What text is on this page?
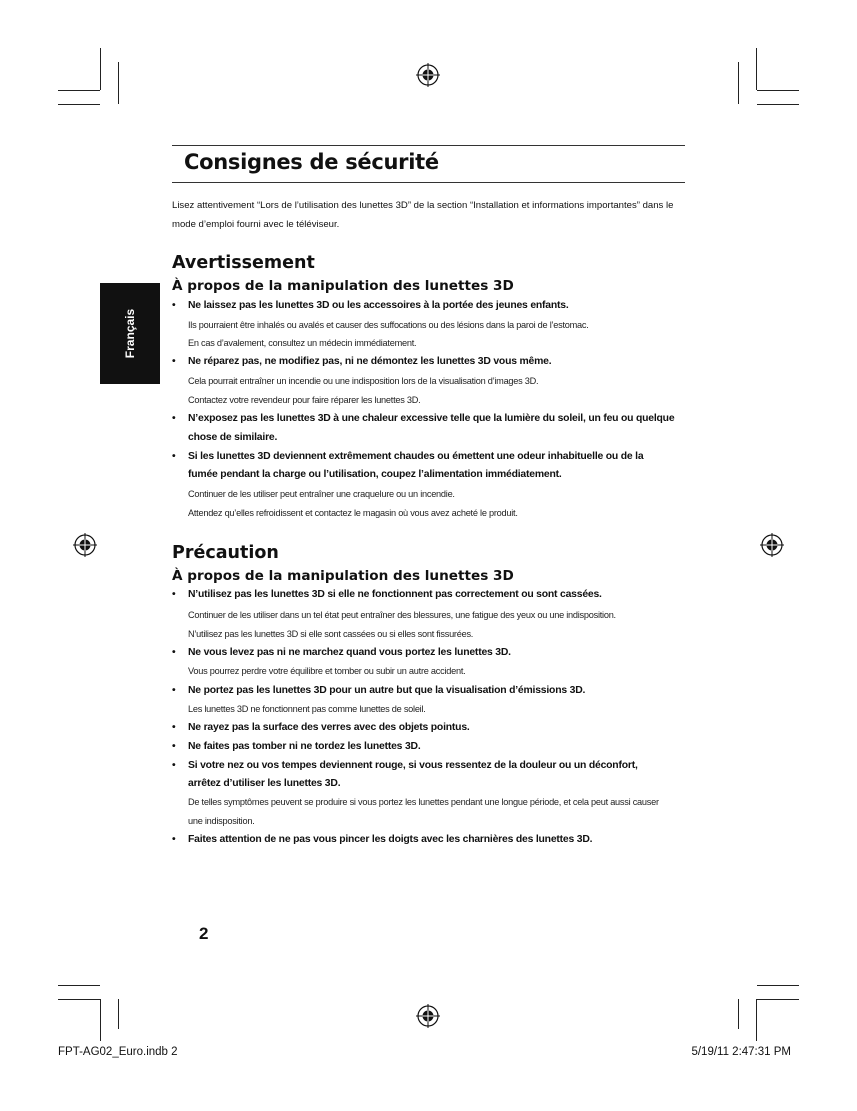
Consignes de sécurité
Lisez attentivement “Lors de l’utilisation des lunettes 3D” de la section “Installation et informations importantes” dans le
mode d’emploi fourni avec le téléviseur.
Français
Avertissement
À propos de la manipulation des lunettes 3D
• Ne laissez pas les lunettes 3D ou les accessoires à la portée des jeunes enfants.
Ils pourraient être inhalés ou avalés et causer des suffocations ou des lésions dans la paroi de l’estomac.
En cas d’avalement, consultez un médecin immédiatement.
• Ne réparez pas, ne modifiez pas, ni ne démontez les lunettes 3D vous même.
Cela pourrait entraîner un incendie ou une indisposition lors de la visualisation d’images 3D.
Contactez votre revendeur pour faire réparer les lunettes 3D.
• N’exposez pas les lunettes 3D à une chaleur excessive telle que la lumière du soleil, un feu ou quelque
chose de similaire.
• Si les lunettes 3D deviennent extrêmement chaudes ou émettent une odeur inhabituelle ou de la
fumée pendant la charge ou l’utilisation, coupez l’alimentation immédiatement.
Continuer de les utiliser peut entraîner une craquelure ou un incendie.
Attendez qu’elles refroidissent et contactez le magasin où vous avez acheté le produit.
Précaution
À propos de la manipulation des lunettes 3D
• N’utilisez pas les lunettes 3D si elle ne fonctionnent pas correctement ou sont cassées.
Continuer de les utiliser dans un tel état peut entraîner des blessures, une fatigue des yeux ou une indisposition.
N’utilisez pas les lunettes 3D si elle sont cassées ou si elles sont fissurées.
• Ne vous levez pas ni ne marchez quand vous portez les lunettes 3D.
Vous pourrez perdre votre équilibre et tomber ou subir un autre accident.
• Ne portez pas les lunettes 3D pour un autre but que la visualisation d’émissions 3D.
Les lunettes 3D ne fonctionnent pas comme lunettes de soleil.
• Ne rayez pas la surface des verres avec des objets pointus.
• Ne faites pas tomber ni ne tordez les lunettes 3D.
• Si votre nez ou vos tempes deviennent rouge, si vous ressentez de la douleur ou un déconfort,
arrêtez d’utiliser les lunettes 3D.
De telles symptômes peuvent se produire si vous portez les lunettes pendant une longue période, et cela peut aussi causer
une indisposition.
• Faites attention de ne pas vous pincer les doigts avec les charnières des lunettes 3D.
2
FPT-AG02_Euro.indb 2	5/19/11 2:47:31 PM
